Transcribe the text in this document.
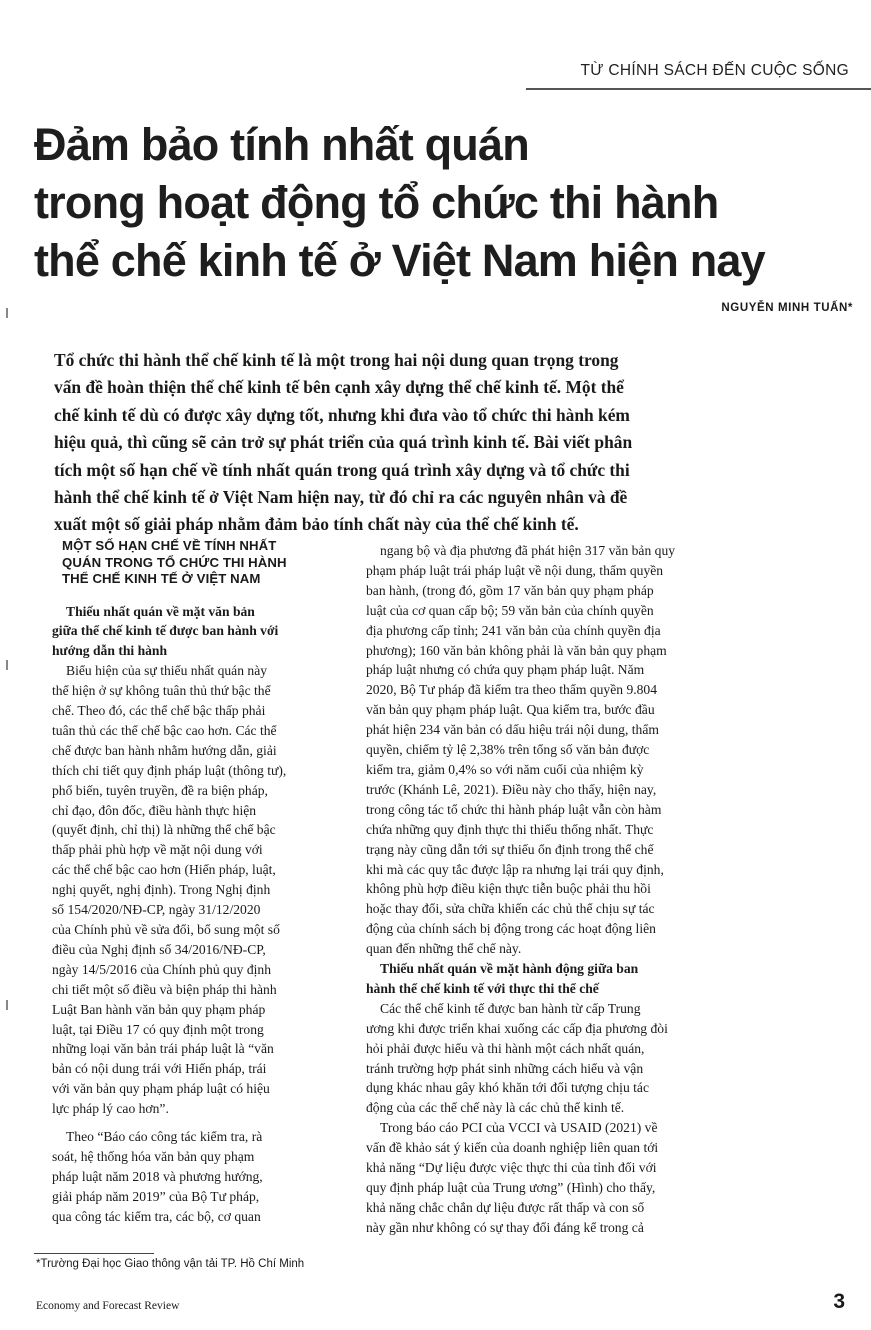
TỪ CHÍNH SÁCH ĐẾN CUỘC SỐNG
Đảm bảo tính nhất quán
trong hoạt động tổ chức thi hành
thể chế kinh tế ở Việt Nam hiện nay
NGUYỄN MINH TUẤN*
Tổ chức thi hành thể chế kinh tế là một trong hai nội dung quan trọng trong
vấn đề hoàn thiện thể chế kinh tế bên cạnh xây dựng thể chế kinh tế. Một thể
chế kinh tế dù có được xây dựng tốt, nhưng khi đưa vào tổ chức thi hành kém
hiệu quả, thì cũng sẽ cản trở sự phát triển của quá trình kinh tế. Bài viết phân
tích một số hạn chế về tính nhất quán trong quá trình xây dựng và tổ chức thi
hành thể chế kinh tế ở Việt Nam hiện nay, từ đó chỉ ra các nguyên nhân và đề
xuất một số giải pháp nhằm đảm bảo tính chất này của thể chế kinh tế.
MỘT SỐ HẠN CHẾ VỀ TÍNH NHẤT
QUÁN TRONG TỔ CHỨC THI HÀNH
THỂ CHẾ KINH TẾ Ở VIỆT NAM
Thiếu nhất quán về mặt văn bản
giữa thể chế kinh tế được ban hành với
hướng dẫn thi hành
Biểu hiện của sự thiếu nhất quán này
thể hiện ở sự không tuân thủ thứ bậc thể
chế. Theo đó, các thể chế bậc thấp phải
tuân thủ các thể chế bậc cao hơn. Các thể
chế được ban hành nhằm hướng dẫn, giải
thích chi tiết quy định pháp luật (thông tư),
phổ biến, tuyên truyền, đề ra biện pháp,
chỉ đạo, đôn đốc, điều hành thực hiện
(quyết định, chỉ thị) là những thể chế bậc
thấp phải phù hợp về mặt nội dung với
các thể chế bậc cao hơn (Hiến pháp, luật,
nghị quyết, nghị định). Trong Nghị định
số 154/2020/NĐ-CP, ngày 31/12/2020
của Chính phủ về sửa đổi, bổ sung một số
điều của Nghị định số 34/2016/NĐ-CP,
ngày 14/5/2016 của Chính phủ quy định
chi tiết một số điều và biện pháp thi hành
Luật Ban hành văn bản quy phạm pháp
luật, tại Điều 17 có quy định một trong
những loại văn bản trái pháp luật là “văn
bản có nội dung trái với Hiến pháp, trái
với văn bản quy phạm pháp luật có hiệu
lực pháp lý cao hơn”.
Theo “Báo cáo công tác kiểm tra, rà
soát, hệ thống hóa văn bản quy phạm
pháp luật năm 2018 và phương hướng,
giải pháp năm 2019” của Bộ Tư pháp,
qua công tác kiểm tra, các bộ, cơ quan
ngang bộ và địa phương đã phát hiện 317 văn bản quy
phạm pháp luật trái pháp luật về nội dung, thẩm quyền
ban hành, (trong đó, gồm 17 văn bản quy phạm pháp
luật của cơ quan cấp bộ; 59 văn bản của chính quyền
địa phương cấp tỉnh; 241 văn bản của chính quyền địa
phương); 160 văn bản không phải là văn bản quy phạm
pháp luật nhưng có chứa quy phạm pháp luật. Năm
2020, Bộ Tư pháp đã kiểm tra theo thẩm quyền 9.804
văn bản quy phạm pháp luật. Qua kiểm tra, bước đầu
phát hiện 234 văn bản có dấu hiệu trái nội dung, thẩm
quyền, chiếm tỷ lệ 2,38% trên tổng số văn bản được
kiểm tra, giảm 0,4% so với năm cuối của nhiệm kỳ
trước (Khánh Lê, 2021). Điều này cho thấy, hiện nay,
trong công tác tổ chức thi hành pháp luật vẫn còn hàm
chứa những quy định thực thi thiếu thống nhất. Thực
trạng này cũng dẫn tới sự thiếu ổn định trong thể chế
khi mà các quy tắc được lập ra nhưng lại trái quy định,
không phù hợp điều kiện thực tiễn buộc phải thu hồi
hoặc thay đổi, sửa chữa khiến các chủ thể chịu sự tác
động của chính sách bị động trong các hoạt động liên
quan đến những thể chế này.
Thiếu nhất quán về mặt hành động giữa ban
hành thể chế kinh tế với thực thi thể chế
Các thể chế kinh tế được ban hành từ cấp Trung
ương khi được triển khai xuống các cấp địa phương đòi
hỏi phải được hiểu và thi hành một cách nhất quán,
tránh trường hợp phát sinh những cách hiểu và vận
dụng khác nhau gây khó khăn tới đối tượng chịu tác
động của các thể chế này là các chủ thể kinh tế.
Trong báo cáo PCI của VCCI và USAID (2021) về
vấn đề khảo sát ý kiến của doanh nghiệp liên quan tới
khả năng “Dự liệu được việc thực thi của tỉnh đối với
quy định pháp luật của Trung ương” (Hình) cho thấy,
khả năng chắc chắn dự liệu được rất thấp và con số
này gần như không có sự thay đổi đáng kể trong cả
*Trường Đại học Giao thông vận tải TP. Hồ Chí Minh
Economy and Forecast Review	3
